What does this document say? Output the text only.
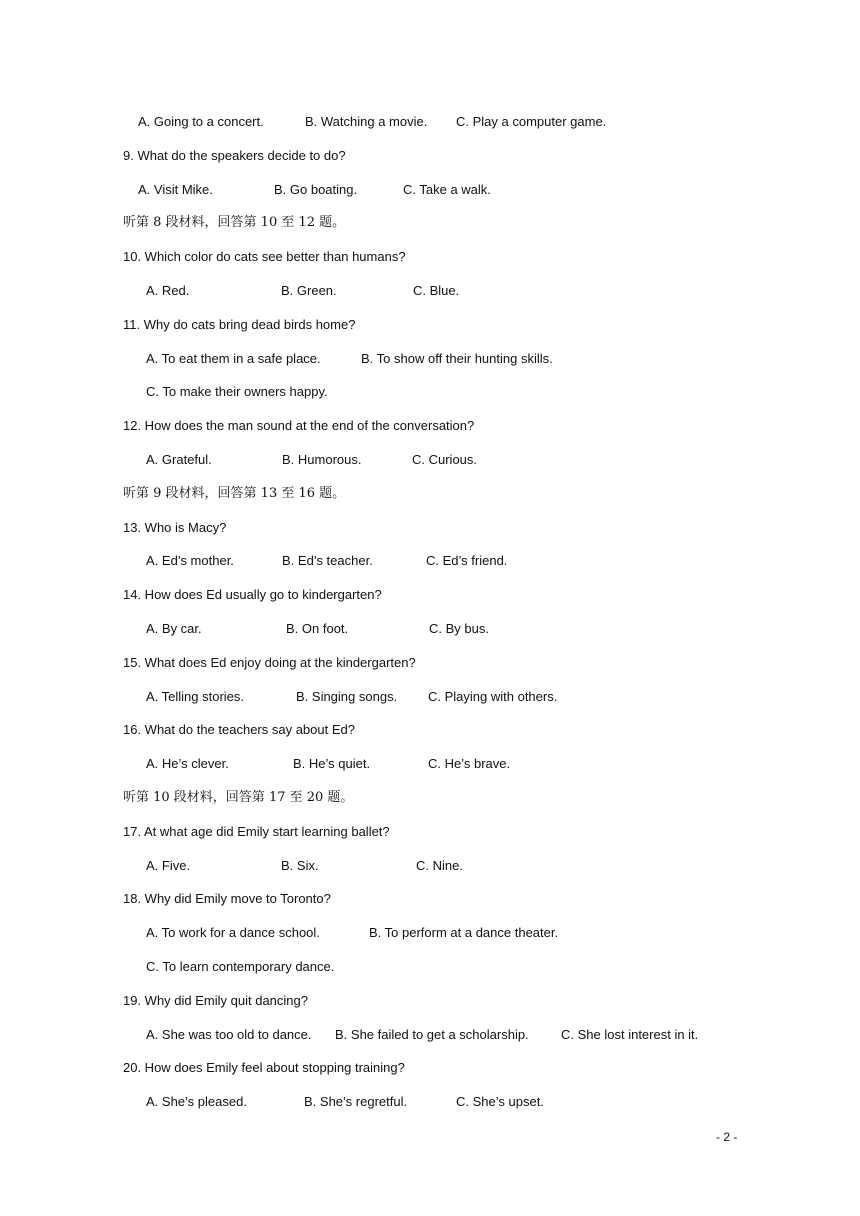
A. Going to a concert.	B. Watching a movie. C. Play a computer game.
9. What do the speakers decide to do?
A. Visit Mike.	B. Go boating.	C. Take a walk.
听第 8 段材料，回答第 10 至 12 题。
10. Which color do cats see better than humans?
A. Red.	B. Green.	C. Blue.
11. Why do cats bring dead birds home?
A. To eat them in a safe place.	B. To show off their hunting skills.
C. To make their owners happy.
12. How does the man sound at the end of the conversation?
A. Grateful.	B. Humorous.	C. Curious.
听第 9 段材料，回答第 13 至 16 题。
13. Who is Macy?
A. Ed’s mother.	B. Ed’s teacher.	C. Ed’s friend.
14. How does Ed usually go to kindergarten?
A. By car.	B. On foot.	C. By bus.
15. What does Ed enjoy doing at the kindergarten?
A. Telling stories.	B. Singing songs. C. Playing with others.
16. What do the teachers say about Ed?
A. He’s clever.	B. He’s quiet.	C. He’s brave.
听第 10 段材料，回答第 17 至 20 题。
17. At what age did Emily start learning ballet?
A. Five.	B. Six.	C. Nine.
18. Why did Emily move to Toronto?
A. To work for a dance school.	B. To perform at a dance theater.
C. To learn contemporary dance.
19. Why did Emily quit dancing?
A. She was too old to dance. B. She failed to get a scholarship. C. She lost interest in it.
20. How does Emily feel about stopping training?
A. She’s pleased.	B. She’s regretful.	C. She’s upset.
- 2 -
